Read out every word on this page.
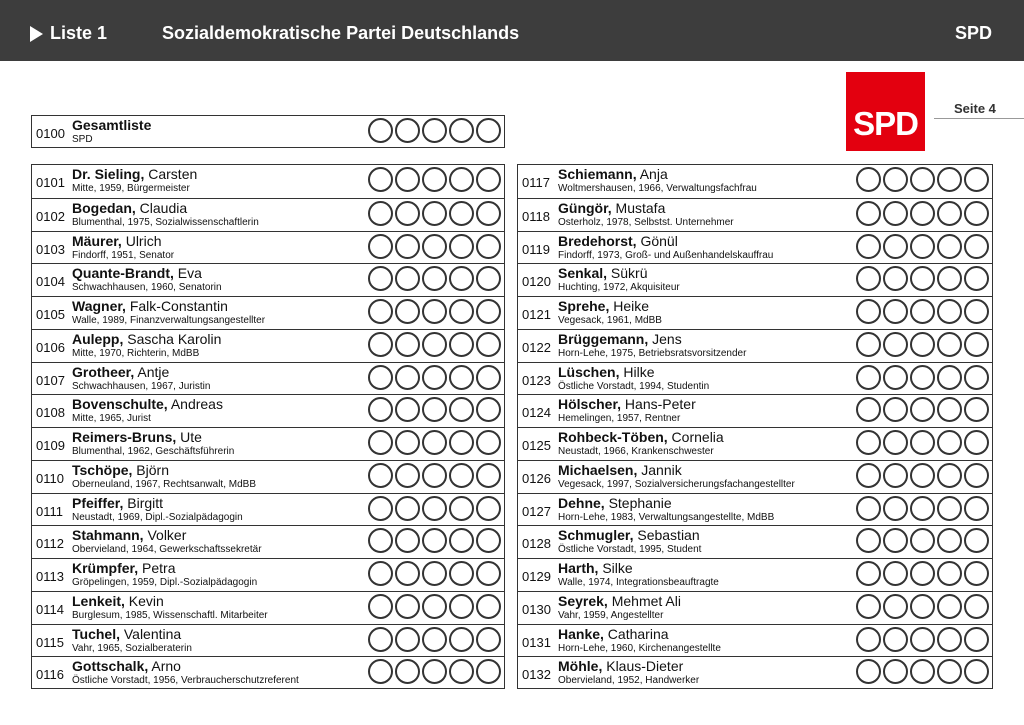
Liste 1	Sozialdemokratische Partei Deutschlands	SPD
SPD	Seite 4
0100
Gesamtliste
SPD
0101
Dr. Sieling, Carsten
Mitte, 1959, Bürgermeister
0102
Bogedan, Claudia
Blumenthal, 1975, Sozialwissenschaftlerin
0103
Mäurer, Ulrich
Findorff, 1951, Senator
0104
Quante-Brandt, Eva
Schwachhausen, 1960, Senatorin
0105
Wagner, Falk-Constantin
Walle, 1989, Finanzverwaltungsangestellter
0106
Aulepp, Sascha Karolin
Mitte, 1970, Richterin, MdBB
0107
Grotheer, Antje
Schwachhausen, 1967, Juristin
0108
Bovenschulte, Andreas
Mitte, 1965, Jurist
0109
Reimers-Bruns, Ute
Blumenthal, 1962, Geschäftsführerin
0110
Tschöpe, Björn
Oberneuland, 1967, Rechtsanwalt, MdBB
0111
Pfeiffer, Birgitt
Neustadt, 1969, Dipl.-Sozialpädagogin
0112
Stahmann, Volker
Obervieland, 1964, Gewerkschaftssekretär
0113
Krümpfer, Petra
Gröpelingen, 1959, Dipl.-Sozialpädagogin
0114
Lenkeit, Kevin
Burglesum, 1985, Wissenschaftl. Mitarbeiter
0115
Tuchel, Valentina
Vahr, 1965, Sozialberaterin
0116
Gottschalk, Arno
Östliche Vorstadt, 1956, Verbraucherschutzreferent
0117
Schiemann, Anja
Woltmershausen, 1966, Verwaltungsfachfrau
0118
Güngör, Mustafa
Osterholz, 1978, Selbstst. Unternehmer
0119
Bredehorst, Gönül
Findorff, 1973, Groß- und Außenhandelskauffrau
0120
Senkal, Sükrü
Huchting, 1972, Akquisiteur
0121
Sprehe, Heike
Vegesack, 1961, MdBB
0122
Brüggemann, Jens
Horn-Lehe, 1975, Betriebsratsvorsitzender
0123
Lüschen, Hilke
Östliche Vorstadt, 1994, Studentin
0124
Hölscher, Hans-Peter
Hemelingen, 1957, Rentner
0125
Rohbeck-Töben, Cornelia
Neustadt, 1966, Krankenschwester
0126
Michaelsen, Jannik
Vegesack, 1997, Sozialversicherungsfachangestellter
0127
Dehne, Stephanie
Horn-Lehe, 1983, Verwaltungsangestellte, MdBB
0128
Schmugler, Sebastian
Östliche Vorstadt, 1995, Student
0129
Harth, Silke
Walle, 1974, Integrationsbeauftragte
0130
Seyrek, Mehmet Ali
Vahr, 1959, Angestellter
0131
Hanke, Catharina
Horn-Lehe, 1960, Kirchenangestellte
0132
Möhle, Klaus-Dieter
Obervieland, 1952, Handwerker
